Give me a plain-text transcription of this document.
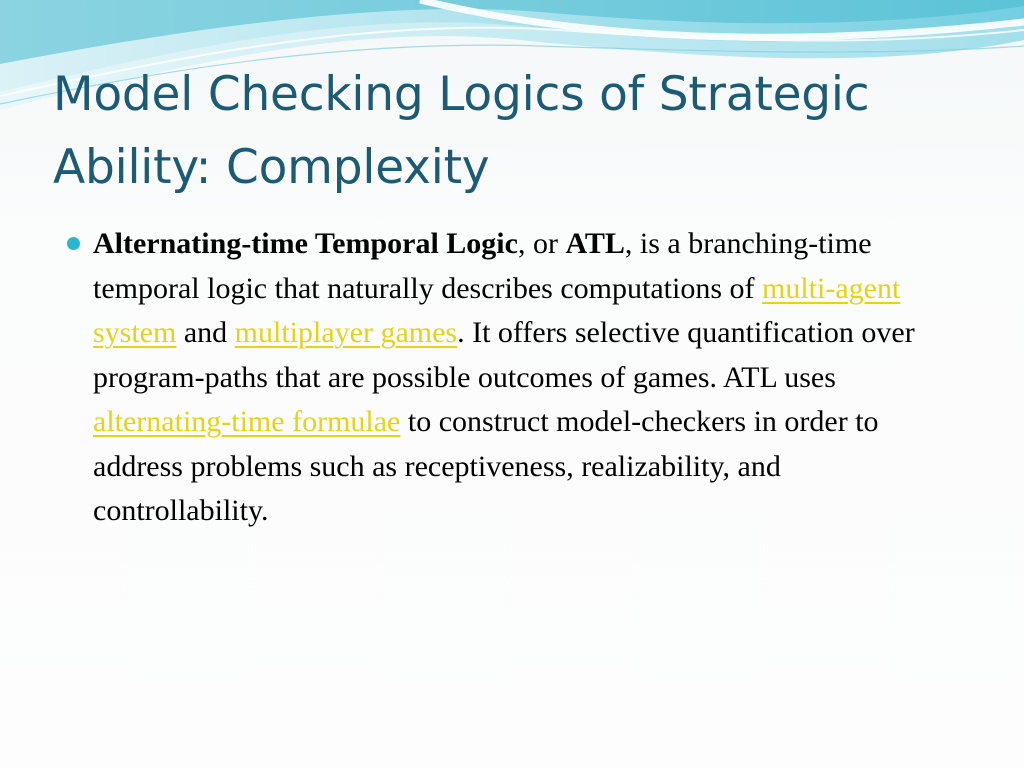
Model Checking Logics of Strategic Ability: Complexity

Alternating-time Temporal Logic, or ATL, is a branching-time temporal logic that naturally describes computations of multi-agent system and multiplayer games. It offers selective quantification over program-paths that are possible outcomes of games. ATL uses alternating-time formulae to construct model-checkers in order to address problems such as receptiveness, realizability, and controllability.
